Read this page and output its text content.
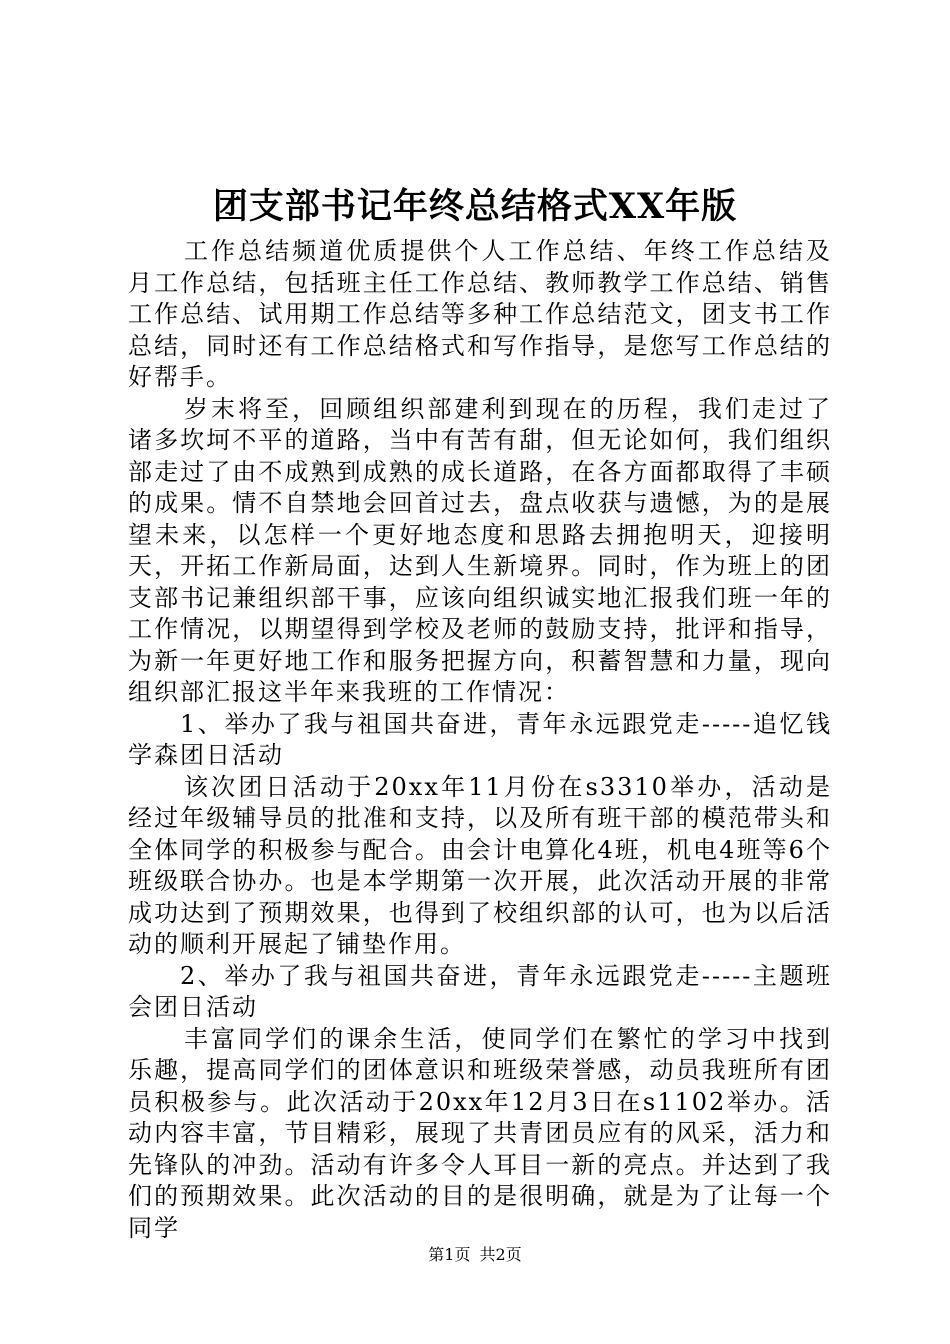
团支部书记年终总结格式XX年版

工作总结频道优质提供个人工作总结、年终工作总结及月工作总结，包括班主任工作总结、教师教学工作总结、销售工作总结、试用期工作总结等多种工作总结范文，团支书工作总结，同时还有工作总结格式和写作指导，是您写工作总结的好帮手。

岁末将至，回顾组织部建利到现在的历程，我们走过了诸多坎坷不平的道路，当中有苦有甜，但无论如何，我们组织部走过了由不成熟到成熟的成长道路，在各方面都取得了丰硕的成果。情不自禁地会回首过去，盘点收获与遗憾，为的是展望未来，以怎样一个更好地态度和思路去拥抱明天，迎接明天，开拓工作新局面，达到人生新境界。同时，作为班上的团支部书记兼组织部干事，应该向组织诚实地汇报我们班一年的工作情况，以期望得到学校及老师的鼓励支持，批评和指导，为新一年更好地工作和服务把握方向，积蓄智慧和力量，现向组织部汇报这半年来我班的工作情况：

1、举办了我与祖国共奋进，青年永远跟党走-----追忆钱学森团日活动

该次团日活动于20xx年11月份在s3310举办，活动是经过年级辅导员的批准和支持，以及所有班干部的模范带头和全体同学的积极参与配合。由会计电算化4班，机电4班等6个班级联合协办。也是本学期第一次开展，此次活动开展的非常成功达到了预期效果，也得到了校组织部的认可，也为以后活动的顺利开展起了铺垫作用。

2、举办了我与祖国共奋进，青年永远跟党走-----主题班会团日活动

丰富同学们的课余生活，使同学们在繁忙的学习中找到乐趣，提高同学们的团体意识和班级荣誉感，动员我班所有团员积极参与。此次活动于20xx年12月3日在s1102举办。活动内容丰富，节目精彩，展现了共青团员应有的风采，活力和先锋队的冲劲。活动有许多令人耳目一新的亮点。并达到了我们的预期效果。此次活动的目的是很明确，就是为了让每一个同学

第1页 共2页
